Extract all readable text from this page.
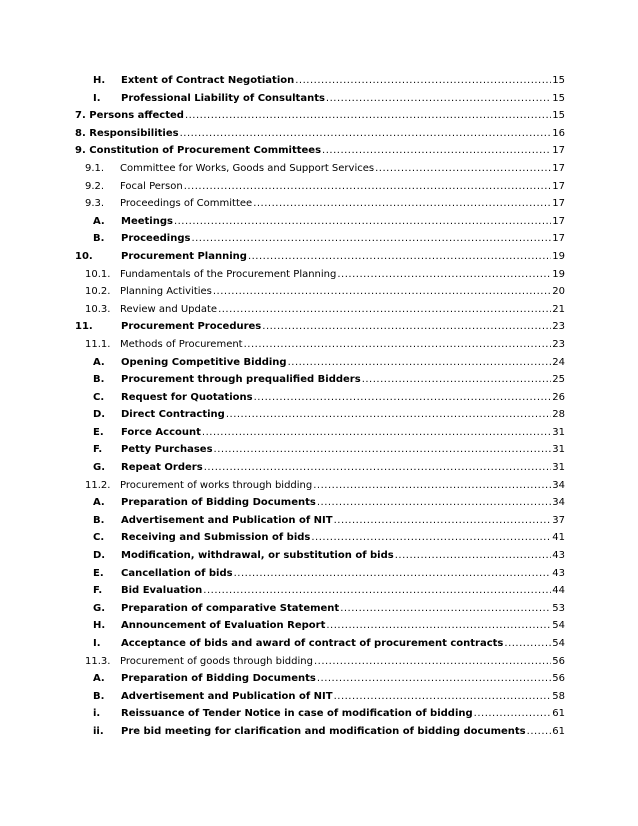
H. Extent of Contract Negotiation .....	15
I. Professional Liability of Consultants .....	15
7. Persons affected .....	15
8. Responsibilities .....	16
9. Constitution of Procurement Committees .....	17
9.1. Committee for Works, Goods and Support Services .....	17
9.2. Focal Person .....	17
9.3. Proceedings of Committee .....	17
A. Meetings .....	17
B. Proceedings .....	17
10.	Procurement Planning .....	19
10.1. Fundamentals of the Procurement Planning .....	19
10.2. Planning Activities .....	20
10.3. Review and Update .....	21
11.	Procurement Procedures .....	23
11.1. Methods of Procurement .....	23
A. Opening Competitive Bidding .....	24
B. Procurement through prequalified Bidders .....	25
C. Request for Quotations .....	26
D. Direct Contracting .....	28
E. Force Account .....	31
F. Petty Purchases .....	31
G. Repeat Orders .....	31
11.2. Procurement of works through bidding .....	34
A. Preparation of Bidding Documents .....	34
B. Advertisement and Publication of NIT .....	37
C. Receiving and Submission of bids .....	41
D. Modification, withdrawal, or substitution of bids .....	43
E. Cancellation of bids .....	43
F. Bid Evaluation .....	44
G. Preparation of comparative Statement .....	53
H. Announcement of Evaluation Report .....	54
I. Acceptance of bids and award of contract of procurement contracts .....	54
11.3. Procurement of goods through bidding .....	56
A. Preparation of Bidding Documents .....	56
B. Advertisement and Publication of NIT .....	58
i. Reissuance of Tender Notice in case of modification of bidding .....	61
ii. Pre bid meeting for clarification and modification of bidding documents .....	61
